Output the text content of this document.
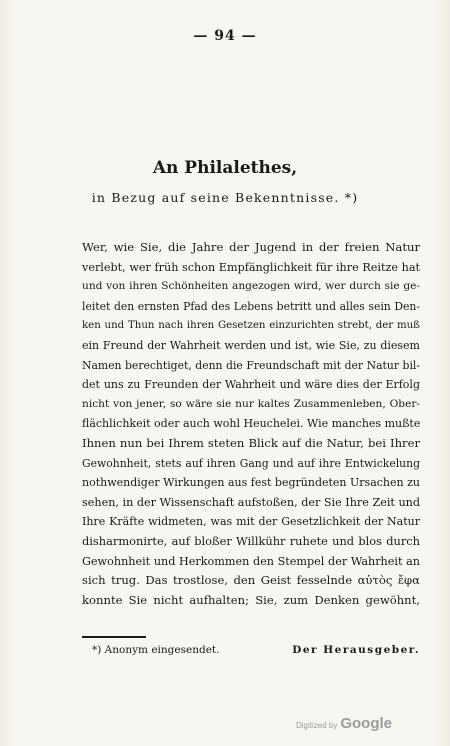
— 94 —
An Philalethes,
in Bezug auf seine Bekenntnisse. *)
Wer, wie Sie, die Jahre der Jugend in der freien Natur
verlebt, wer früh schon Empfänglichkeit für ihre Reitze hat
und von ihren Schönheiten angezogen wird, wer durch sie ge-
leitet den ernsten Pfad des Lebens betritt und alles sein Den-
ken und Thun nach ihren Gesetzen einzurichten strebt, der muß
ein Freund der Wahrheit werden und ist, wie Sie, zu diesem
Namen berechtiget, denn die Freundschaft mit der Natur bil-
det uns zu Freunden der Wahrheit und wäre dies der Erfolg
nicht von jener, so wäre sie nur kaltes Zusammenleben, Ober-
flächlichkeit oder auch wohl Heuchelei. Wie manches mußte
Ihnen nun bei Ihrem steten Blick auf die Natur, bei Ihrer
Gewohnheit, stets auf ihren Gang und auf ihre Entwickelung
nothwendiger Wirkungen aus fest begründeten Ursachen zu
sehen, in der Wissenschaft aufstoßen, der Sie Ihre Zeit und
Ihre Kräfte widmeten, was mit der Gesetzlichkeit der Natur
disharmonirte, auf bloßer Willkühr ruhete und blos durch
Gewohnheit und Herkommen den Stempel der Wahrheit an
sich trug. Das trostlose, den Geist fesselnde αὐτὸς ἔφα
konnte Sie nicht aufhalten; Sie, zum Denken gewöhnt,
*) Anonym eingesendet.	Der Herausgeber.
Digitized by Google
